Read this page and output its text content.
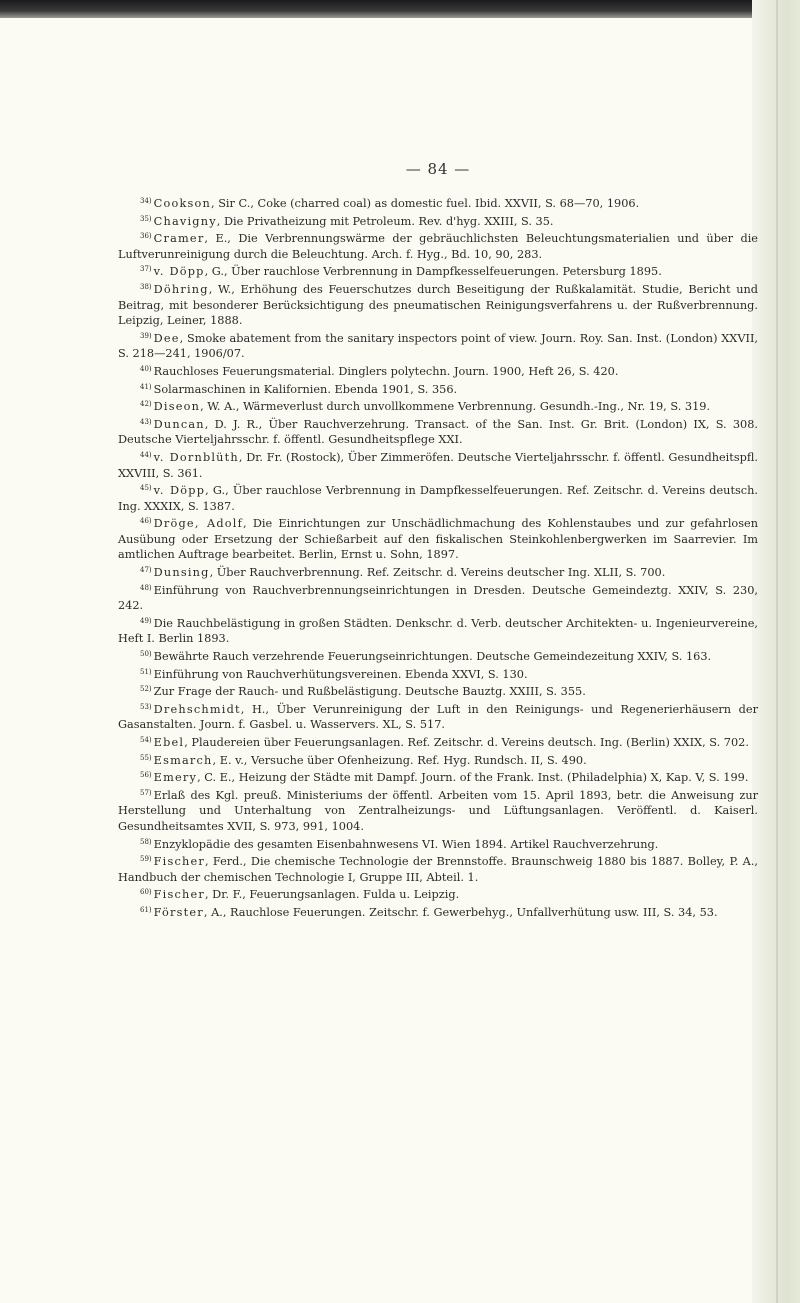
— 84 —

$^{34)}$ Cookson, Sir C., Coke (charred coal) as domestic fuel. Ibid. XXVII, S. 68—70, 1906.

$^{35)}$ Chavigny, Die Privatheizung mit Petroleum. Rev. d'hyg. XXIII, S. 35.

$^{36)}$ Cramer, E., Die Verbrennungswärme der gebräuchlichsten Beleuchtungsmaterialien und über die Luftverunreinigung durch die Beleuchtung. Arch. f. Hyg., Bd. 10, 90, 283.

$^{37)}$ v. Döpp, G., Über rauchlose Verbrennung in Dampfkesselfeuerungen. Petersburg 1895.

$^{38)}$ Döhring, W., Erhöhung des Feuerschutzes durch Beseitigung der Rußkalamität. Studie, Bericht und Beitrag, mit besonderer Berücksichtigung des pneumatischen Reinigungsverfahrens u. der Rußverbrennung. Leipzig, Leiner, 1888.

$^{39)}$ Dee, Smoke abatement from the sanitary inspectors point of view. Journ. Roy. San. Inst. (London) XXVII, S. 218—241, 1906/07.

$^{40)}$ Rauchloses Feuerungsmaterial. Dinglers polytechn. Journ. 1900, Heft 26, S. 420.

$^{41)}$ Solarmaschinen in Kalifornien. Ebenda 1901, S. 356.

$^{42)}$ Diseon, W. A., Wärmeverlust durch unvollkommene Verbrennung. Gesundh.-Ing., Nr. 19, S. 319.

$^{43)}$ Duncan, D. J. R., Über Rauchverzehrung. Transact. of the San. Inst. Gr. Brit. (London) IX, S. 308. Deutsche Vierteljahrsschr. f. öffentl. Gesundheitspflege XXI.

$^{44)}$ v. Dornblüth, Dr. Fr. (Rostock), Über Zimmeröfen. Deutsche Vierteljahrsschr. f. öffentl. Gesundheitspfl. XXVIII, S. 361.

$^{45)}$ v. Döpp, G., Über rauchlose Verbrennung in Dampfkesselfeuerungen. Ref. Zeitschr. d. Vereins deutsch. Ing. XXXIX, S. 1387.

$^{46)}$ Dröge, Adolf, Die Einrichtungen zur Unschädlichmachung des Kohlenstaubes und zur gefahrlosen Ausübung oder Ersetzung der Schießarbeit auf den fiskalischen Steinkohlenbergwerken im Saarrevier. Im amtlichen Auftrage bearbeitet. Berlin, Ernst u. Sohn, 1897.

$^{47)}$ Dunsing, Über Rauchverbrennung. Ref. Zeitschr. d. Vereins deutscher Ing. XLII, S. 700.

$^{48)}$ Einführung von Rauchverbrennungseinrichtungen in Dresden. Deutsche Gemeindeztg. XXIV, S. 230, 242.

$^{49)}$ Die Rauchbelästigung in großen Städten. Denkschr. d. Verb. deutscher Architekten- u. Ingenieurvereine, Heft I. Berlin 1893.

$^{50)}$ Bewährte Rauch verzehrende Feuerungseinrichtungen. Deutsche Gemeindezeitung XXIV, S. 163.

$^{51)}$ Einführung von Rauchverhütungsvereinen. Ebenda XXVI, S. 130.

$^{52)}$ Zur Frage der Rauch- und Rußbelästigung. Deutsche Bauztg. XXIII, S. 355.

$^{53)}$ Drehschmidt, H., Über Verunreinigung der Luft in den Reinigungs- und Regenerierhäusern der Gasanstalten. Journ. f. Gasbel. u. Wasservers. XL, S. 517.

$^{54)}$ Ebel, Plaudereien über Feuerungsanlagen. Ref. Zeitschr. d. Vereins deutsch. Ing. (Berlin) XXIX, S. 702.

$^{55)}$ Esmarch, E. v., Versuche über Ofenheizung. Ref. Hyg. Rundsch. II, S. 490.

$^{56)}$ Emery, C. E., Heizung der Städte mit Dampf. Journ. of the Frank. Inst. (Philadelphia) X, Kap. V, S. 199.

$^{57)}$ Erlaß des Kgl. preuß. Ministeriums der öffentl. Arbeiten vom 15. April 1893, betr. die Anweisung zur Herstellung und Unterhaltung von Zentralheizungs- und Lüftungsanlagen. Veröffentl. d. Kaiserl. Gesundheitsamtes XVII, S. 973, 991, 1004.

$^{58)}$ Enzyklopädie des gesamten Eisenbahnwesens VI. Wien 1894. Artikel Rauchverzehrung.

$^{59)}$ Fischer, Ferd., Die chemische Technologie der Brennstoffe. Braunschweig 1880 bis 1887. Bolley, P. A., Handbuch der chemischen Technologie I, Gruppe III, Abteil. 1.

$^{60)}$ Fischer, Dr. F., Feuerungsanlagen. Fulda u. Leipzig.

$^{61)}$ Förster, A., Rauchlose Feuerungen. Zeitschr. f. Gewerbehyg., Unfallverhütung usw. III, S. 34, 53.
